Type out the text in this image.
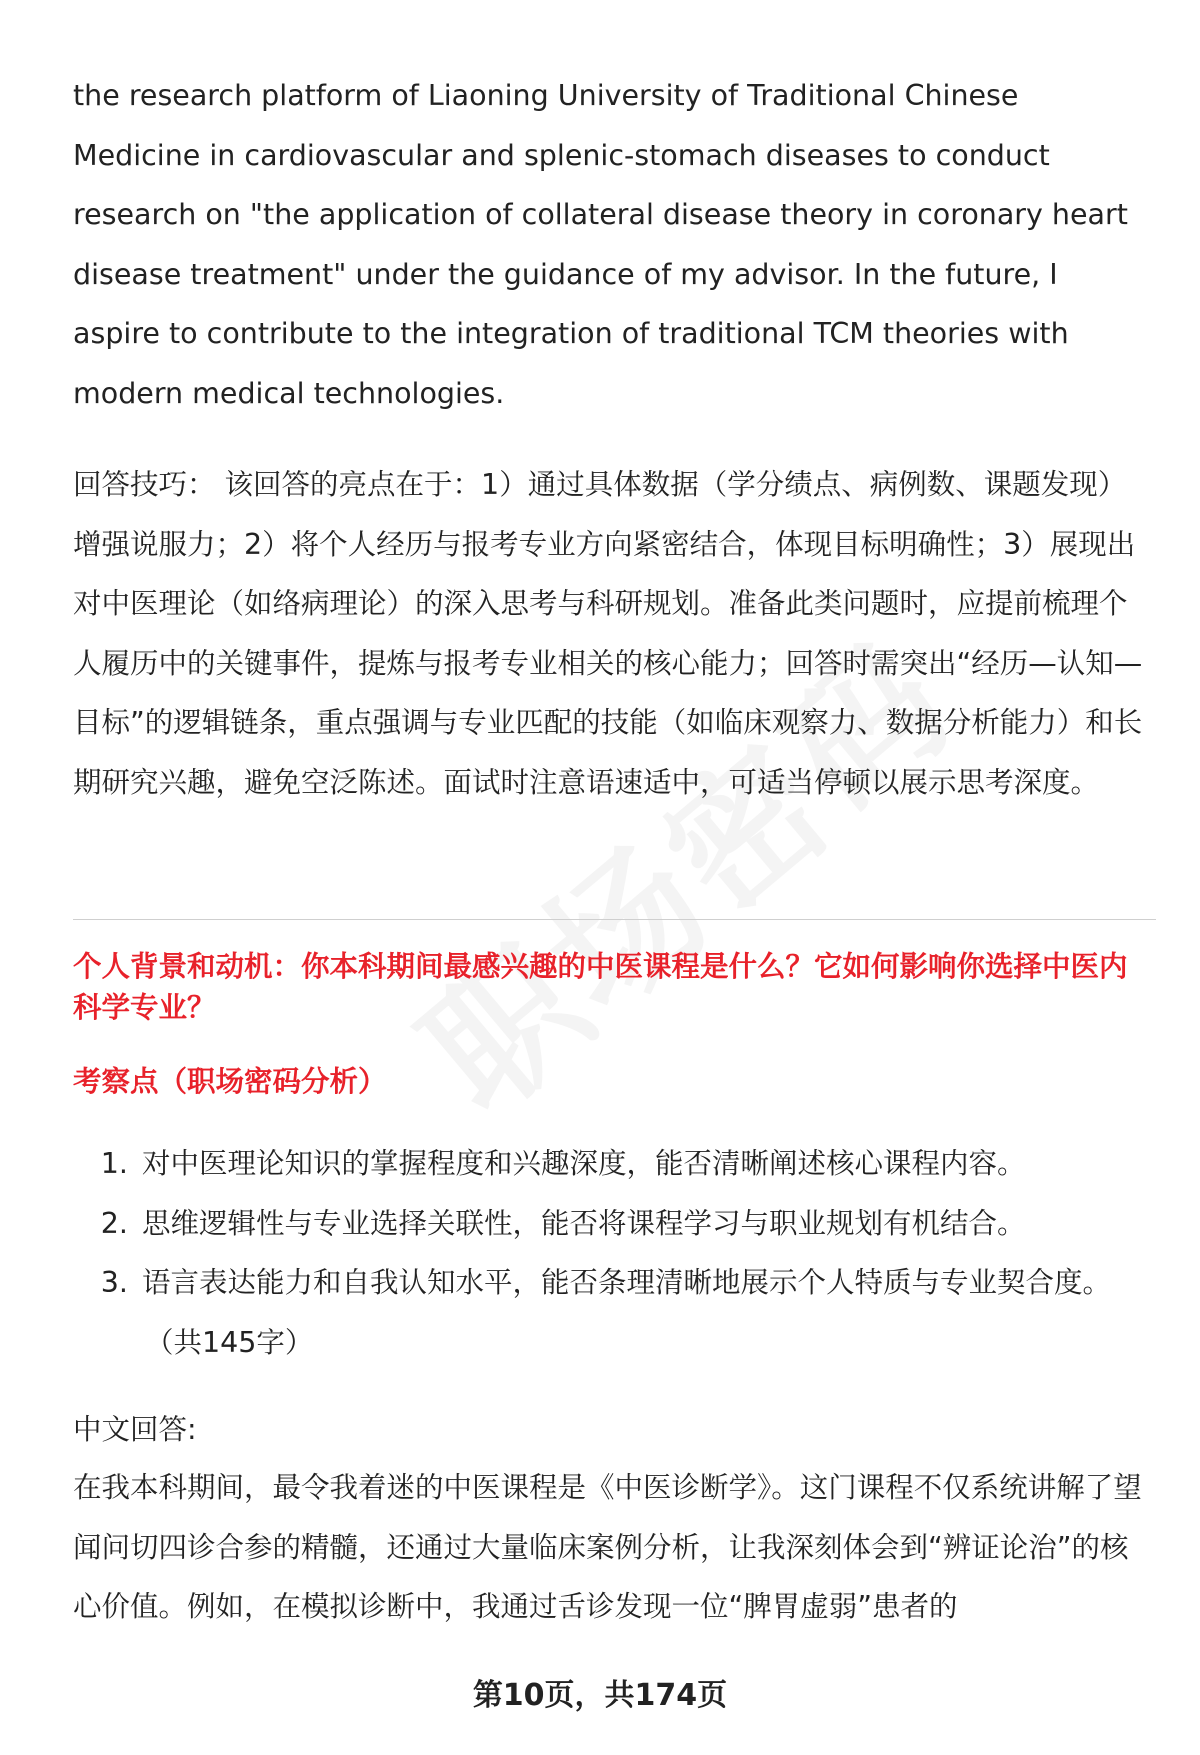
the research platform of Liaoning University of Traditional Chinese Medicine in cardiovascular and splenic-stomach diseases to conduct research on "the application of collateral disease theory in coronary heart disease treatment" under the guidance of my advisor. In the future, I aspire to contribute to the integration of traditional TCM theories with modern medical technologies.

回答技巧： 该回答的亮点在于：1）通过具体数据（学分绩点、病例数、课题发现）增强说服力；2）将个人经历与报考专业方向紧密结合，体现目标明确性；3）展现出对中医理论（如络病理论）的深入思考与科研规划。准备此类问题时，应提前梳理个人履历中的关键事件，提炼与报考专业相关的核心能力；回答时需突出“经历—认知—目标”的逻辑链条，重点强调与专业匹配的技能（如临床观察力、数据分析能力）和长期研究兴趣，避免空泛陈述。面试时注意语速适中，可适当停顿以展示思考深度。

个人背景和动机：你本科期间最感兴趣的中医课程是什么？它如何影响你选择中医内科学专业？
考察点（职场密码分析）
1. 对中医理论知识的掌握程度和兴趣深度，能否清晰阐述核心课程内容。
2. 思维逻辑性与专业选择关联性，能否将课程学习与职业规划有机结合。
3. 语言表达能力和自我认知水平，能否条理清晰地展示个人特质与专业契合度。
（共145字）
中文回答:

在我本科期间，最令我着迷的中医课程是《中医诊断学》。这门课程不仅系统讲解了望闻问切四诊合参的精髓，还通过大量临床案例分析，让我深刻体会到“辨证论治”的核心价值。例如，在模拟诊断中，我通过舌诊发现一位“脾胃虚弱”患者的

第10页，共174页
